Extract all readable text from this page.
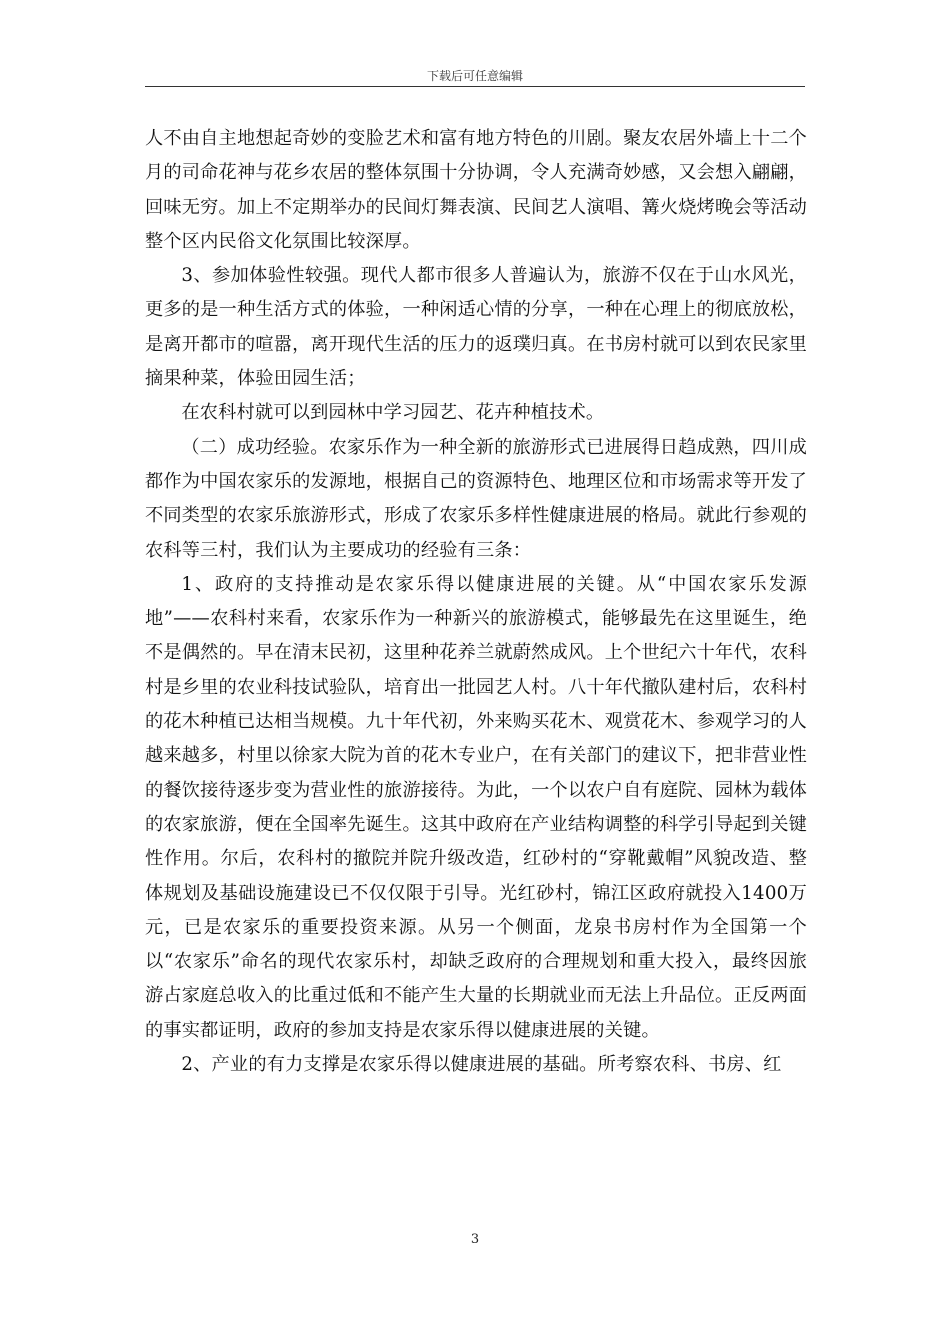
下载后可任意编辑

人不由自主地想起奇妙的变脸艺术和富有地方特色的川剧。聚友农居外墙上十二个月的司命花神与花乡农居的整体氛围十分协调，令人充满奇妙感，又会想入翩翩，回味无穷。加上不定期举办的民间灯舞表演、民间艺人演唱、篝火烧烤晚会等活动整个区内民俗文化氛围比较深厚。

3、参加体验性较强。现代人都市很多人普遍认为，旅游不仅在于山水风光，更多的是一种生活方式的体验，一种闲适心情的分享，一种在心理上的彻底放松，是离开都市的喧嚣，离开现代生活的压力的返璞归真。在书房村就可以到农民家里摘果种菜，体验田园生活；

在农科村就可以到园林中学习园艺、花卉种植技术。

（二）成功经验。农家乐作为一种全新的旅游形式已进展得日趋成熟，四川成都作为中国农家乐的发源地，根据自己的资源特色、地理区位和市场需求等开发了不同类型的农家乐旅游形式，形成了农家乐多样性健康进展的格局。就此行参观的农科等三村，我们认为主要成功的经验有三条：

1、政府的支持推动是农家乐得以健康进展的关键。从“中国农家乐发源地”——农科村来看，农家乐作为一种新兴的旅游模式，能够最先在这里诞生，绝不是偶然的。早在清末民初，这里种花养兰就蔚然成风。上个世纪六十年代，农科村是乡里的农业科技试验队，培育出一批园艺人村。八十年代撤队建村后，农科村的花木种植已达相当规模。九十年代初，外来购买花木、观赏花木、参观学习的人越来越多，村里以徐家大院为首的花木专业户，在有关部门的建议下，把非营业性的餐饮接待逐步变为营业性的旅游接待。为此，一个以农户自有庭院、园林为载体的农家旅游，便在全国率先诞生。这其中政府在产业结构调整的科学引导起到关键性作用。尔后，农科村的撤院并院升级改造，红砂村的“穿靴戴帽”风貌改造、整体规划及基础设施建设已不仅仅限于引导。光红砂村，锦江区政府就投入1400万元，已是农家乐的重要投资来源。从另一个侧面，龙泉书房村作为全国第一个以“农家乐”命名的现代农家乐村，却缺乏政府的合理规划和重大投入，最终因旅游占家庭总收入的比重过低和不能产生大量的长期就业而无法上升品位。正反两面的事实都证明，政府的参加支持是农家乐得以健康进展的关键。

2、产业的有力支撑是农家乐得以健康进展的基础。所考察农科、书房、红

3
